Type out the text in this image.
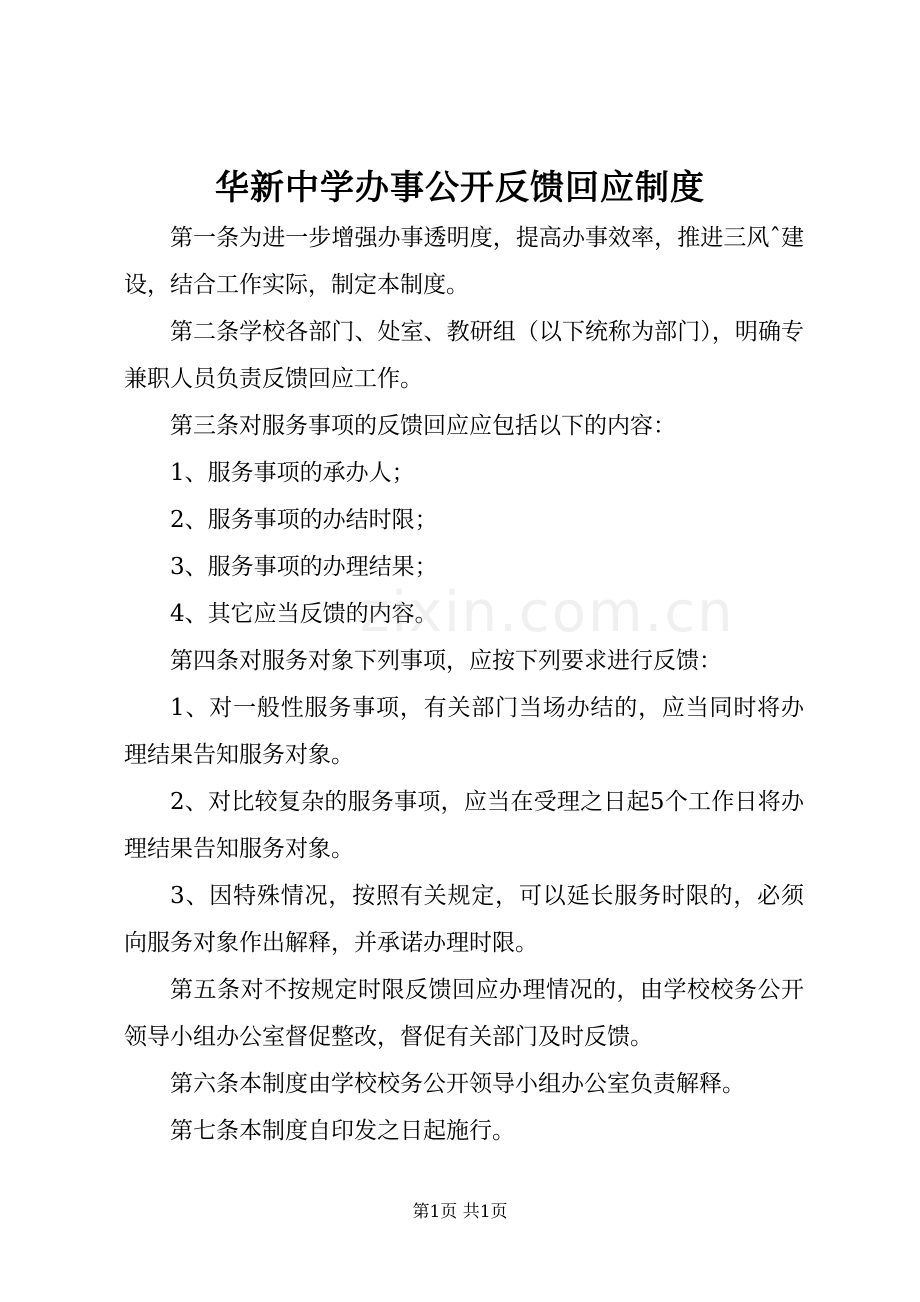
华新中学办事公开反馈回应制度

第一条为进一步增强办事透明度，提高办事效率，推进三风ˆ建设，结合工作实际，制定本制度。

第二条学校各部门、处室、教研组（以下统称为部门），明确专兼职人员负责反馈回应工作。

第三条对服务事项的反馈回应应包括以下的内容：

1、服务事项的承办人；

2、服务事项的办结时限；

3、服务事项的办理结果；

4、其它应当反馈的内容。

第四条对服务对象下列事项，应按下列要求进行反馈：

1、对一般性服务事项，有关部门当场办结的，应当同时将办理结果告知服务对象。

2、对比较复杂的服务事项，应当在受理之日起5个工作日将办理结果告知服务对象。

3、因特殊情况，按照有关规定，可以延长服务时限的，必须向服务对象作出解释，并承诺办理时限。

第五条对不按规定时限反馈回应办理情况的，由学校校务公开领导小组办公室督促整改，督促有关部门及时反馈。

第六条本制度由学校校务公开领导小组办公室负责解释。

第七条本制度自印发之日起施行。

zixin.com.cn
第1页 共1页
